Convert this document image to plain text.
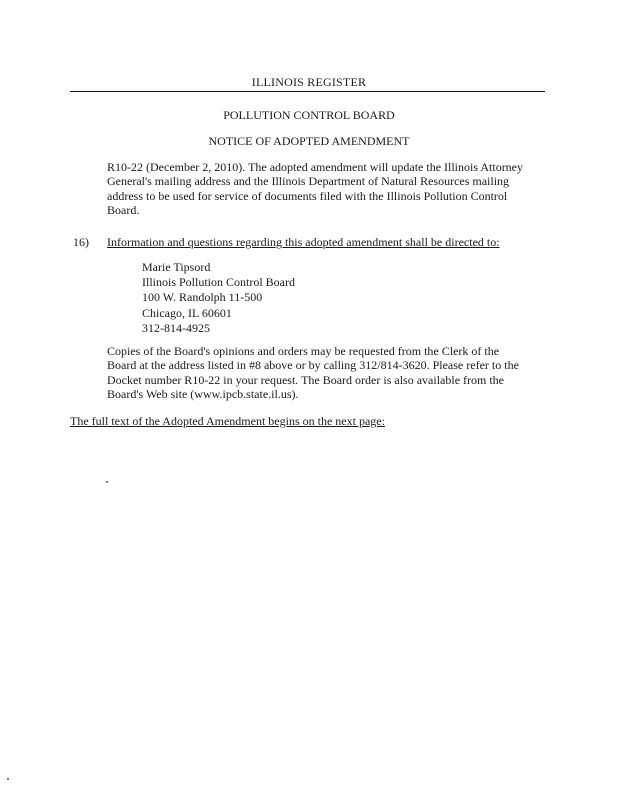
ILLINOIS REGISTER
POLLUTION CONTROL BOARD
NOTICE OF ADOPTED AMENDMENT

R10-22 (December 2, 2010). The adopted amendment will update the Illinois Attorney General's mailing address and the Illinois Department of Natural Resources mailing address to be used for service of documents filed with the Illinois Pollution Control Board.

16) Information and questions regarding this adopted amendment shall be directed to:
Marie Tipsord
Illinois Pollution Control Board
100 W. Randolph 11-500
Chicago, IL 60601
312-814-4925

Copies of the Board's opinions and orders may be requested from the Clerk of the Board at the address listed in #8 above or by calling 312/814-3620. Please refer to the Docket number R10-22 in your request. The Board order is also available from the Board's Web site (www.ipcb.state.il.us).

The full text of the Adopted Amendment begins on the next page:
